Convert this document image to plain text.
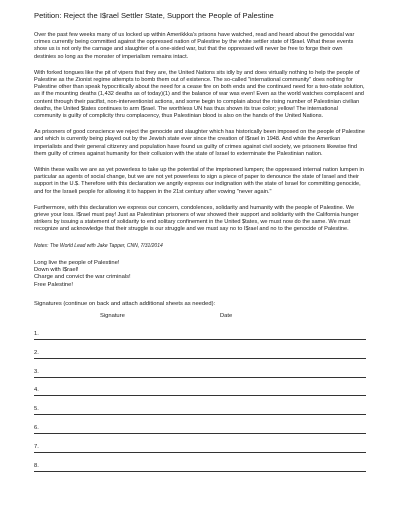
Petition: Reject the I$rael Settler State, Support the People of Palestine
Over the past few weeks many of us locked up within Amerikkka's prisons have watched, read and heard about the genocidal war crimes currently being committed against the oppressed nation of Palestine by the white settler state of I$rael. What these events show us is not only the carnage and slaughter of a one-sided war, but that the oppressed will never be free to forge their own destinies so long as the monster of imperialism remains intact.
With forked tongues like the pit of vipers that they are, the United Nations sits idly by and does virtually nothing to help the people of Palestine as the Zionist regime attempts to bomb them out of existence. The so-called "international community" does nothing for Palestine other than speak hypocritically about the need for a cease fire on both ends and the continued need for a two-state solution, as if the mounting deaths (1,432 deaths as of today)(1) and the balance of war was even! Even as the world watches complacent and content through their pacifist, non-interventionist actions, and some begin to complain about the rising number of Palestinian civilian deaths, the United $tates continues to arm I$rael. The worthless UN has thus shown its true color; yellow! The international community is guilty of complicity thru complacency, thus Palestinian blood is also on the hands of the United Nations.
As prisoners of good conscience we reject the genocide and slaughter which has historically been imposed on the people of Palestine and which is currently being played out by the Jewish state ever since the creation of I$rael in 1948. And while the Amerikan imperialists and their general citizenry and population have found us guilty of crimes against civil society, we prisoners likewise find them guilty of crimes against humanity for their collusion with the state of Israel to exterminate the Palestinian nation.
Within these walls we are as yet powerless to take up the potential of the imprisoned lumpen; the oppressed internal nation lumpen in particular as agents of social change, but we are not yet powerless to sign a piece of paper to denounce the state of Israel and their support in the U.$. Therefore with this declaration we angrily express our indignation with the state of Israel for committing genocide, and for the Israeli people for allowing it to happen in the 21st century after vowing "never again."
Furthermore, with this declaration we express our concern, condolences, solidarity and humanity with the people of Palestine. We grieve your loss. I$rael must pay! Just as Palestinian prisoners of war showed their support and solidarity with the California hunger strikers by issuing a statement of solidarity to end solitary confinement in the United $tates, we must now do the same. We must recognize and acknowledge that their struggle is our struggle and we must say no to I$rael and no to the genocide of Palestine.
Notes: The World Lead with Jake Tapper, CNN, 7/31/2014
Long live the people of Palestine!
Down with I$rael!
Charge and convict the war criminals!
Free Palestine!
Signatures (continue on back and attach additional sheets as needed):
Signature	Date
1.
2.
3.
4.
5.
6.
7.
8.
